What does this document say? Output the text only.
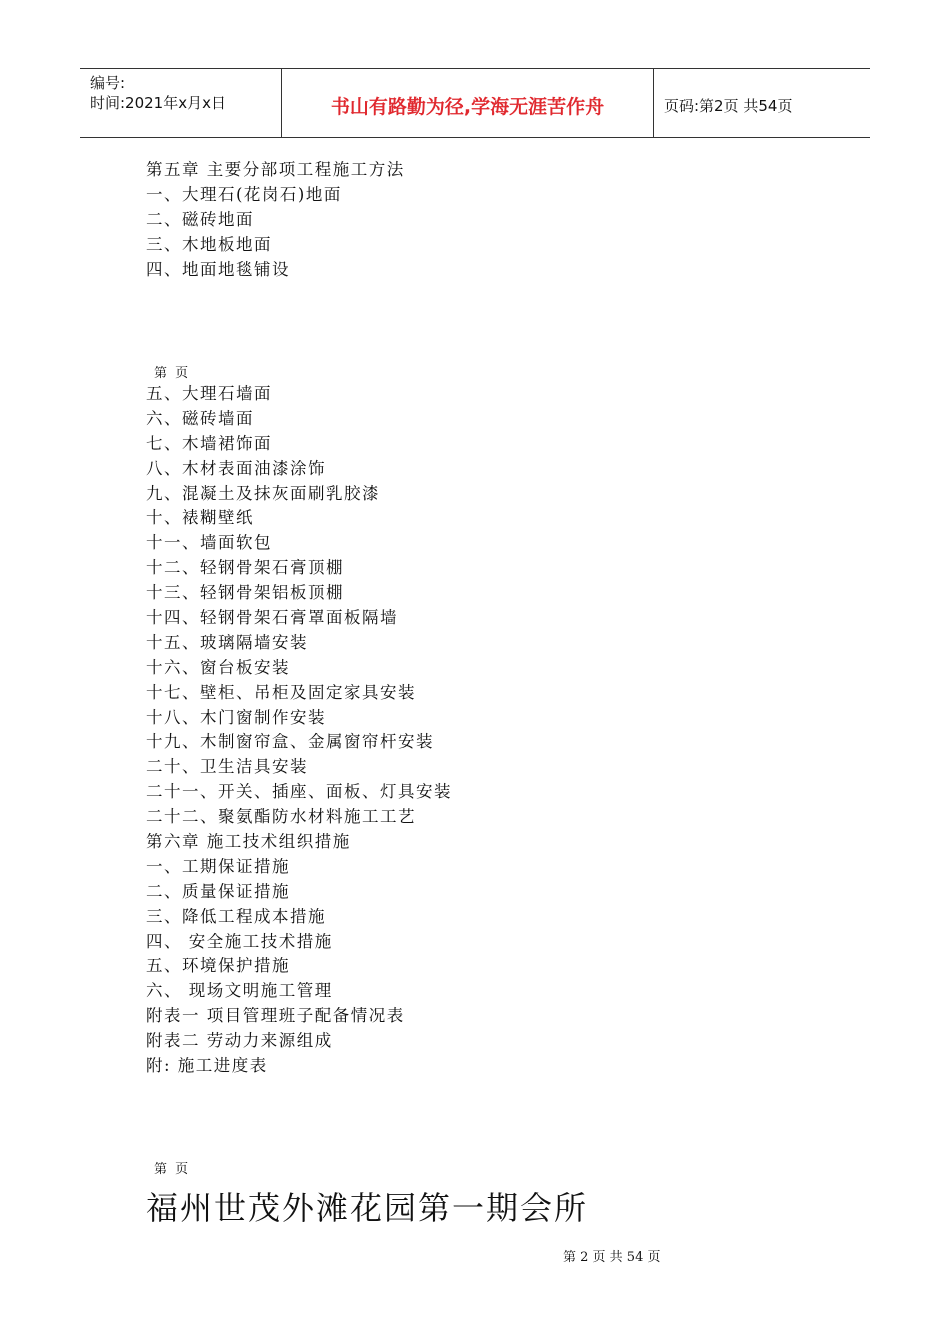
编号:
时间:2021年x月x日	书山有路勤为径,学海无涯苦作舟	页码:第2页 共54页
第五章 主要分部项工程施工方法
一、大理石(花岗石)地面
二、磁砖地面
三、木地板地面
四、地面地毯铺设
第 页
五、大理石墙面
六、磁砖墙面
七、木墙裙饰面
八、木材表面油漆涂饰
九、混凝土及抹灰面刷乳胶漆
十、裱糊壁纸
十一、墙面软包
十二、轻钢骨架石膏顶棚
十三、轻钢骨架铝板顶棚
十四、轻钢骨架石膏罩面板隔墙
十五、玻璃隔墙安装
十六、窗台板安装
十七、壁柜、吊柜及固定家具安装
十八、木门窗制作安装
十九、木制窗帘盒、金属窗帘杆安装
二十、卫生洁具安装
二十一、开关、插座、面板、灯具安装
二十二、聚氨酯防水材料施工工艺
第六章 施工技术组织措施
一、工期保证措施
二、质量保证措施
三、降低工程成本措施
四、 安全施工技术措施
五、环境保护措施
六、 现场文明施工管理
附表一 项目管理班子配备情况表
附表二 劳动力来源组成
附: 施工进度表
第 页
福州世茂外滩花园第一期会所
第 2 页 共 54 页
